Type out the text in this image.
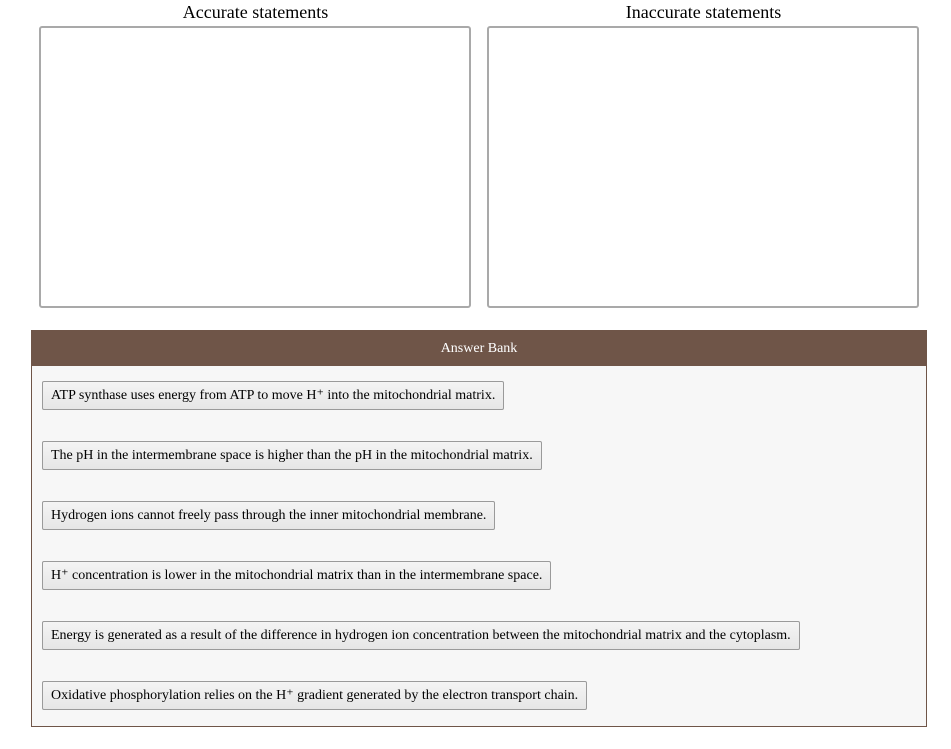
Accurate statements	Inaccurate statements
Answer Bank
ATP synthase uses energy from ATP to move H⁺ into the mitochondrial matrix.
The pH in the intermembrane space is higher than the pH in the mitochondrial matrix.
Hydrogen ions cannot freely pass through the inner mitochondrial membrane.
H⁺ concentration is lower in the mitochondrial matrix than in the intermembrane space.
Energy is generated as a result of the difference in hydrogen ion concentration between the mitochondrial matrix and the cytoplasm.
Oxidative phosphorylation relies on the H⁺ gradient generated by the electron transport chain.
